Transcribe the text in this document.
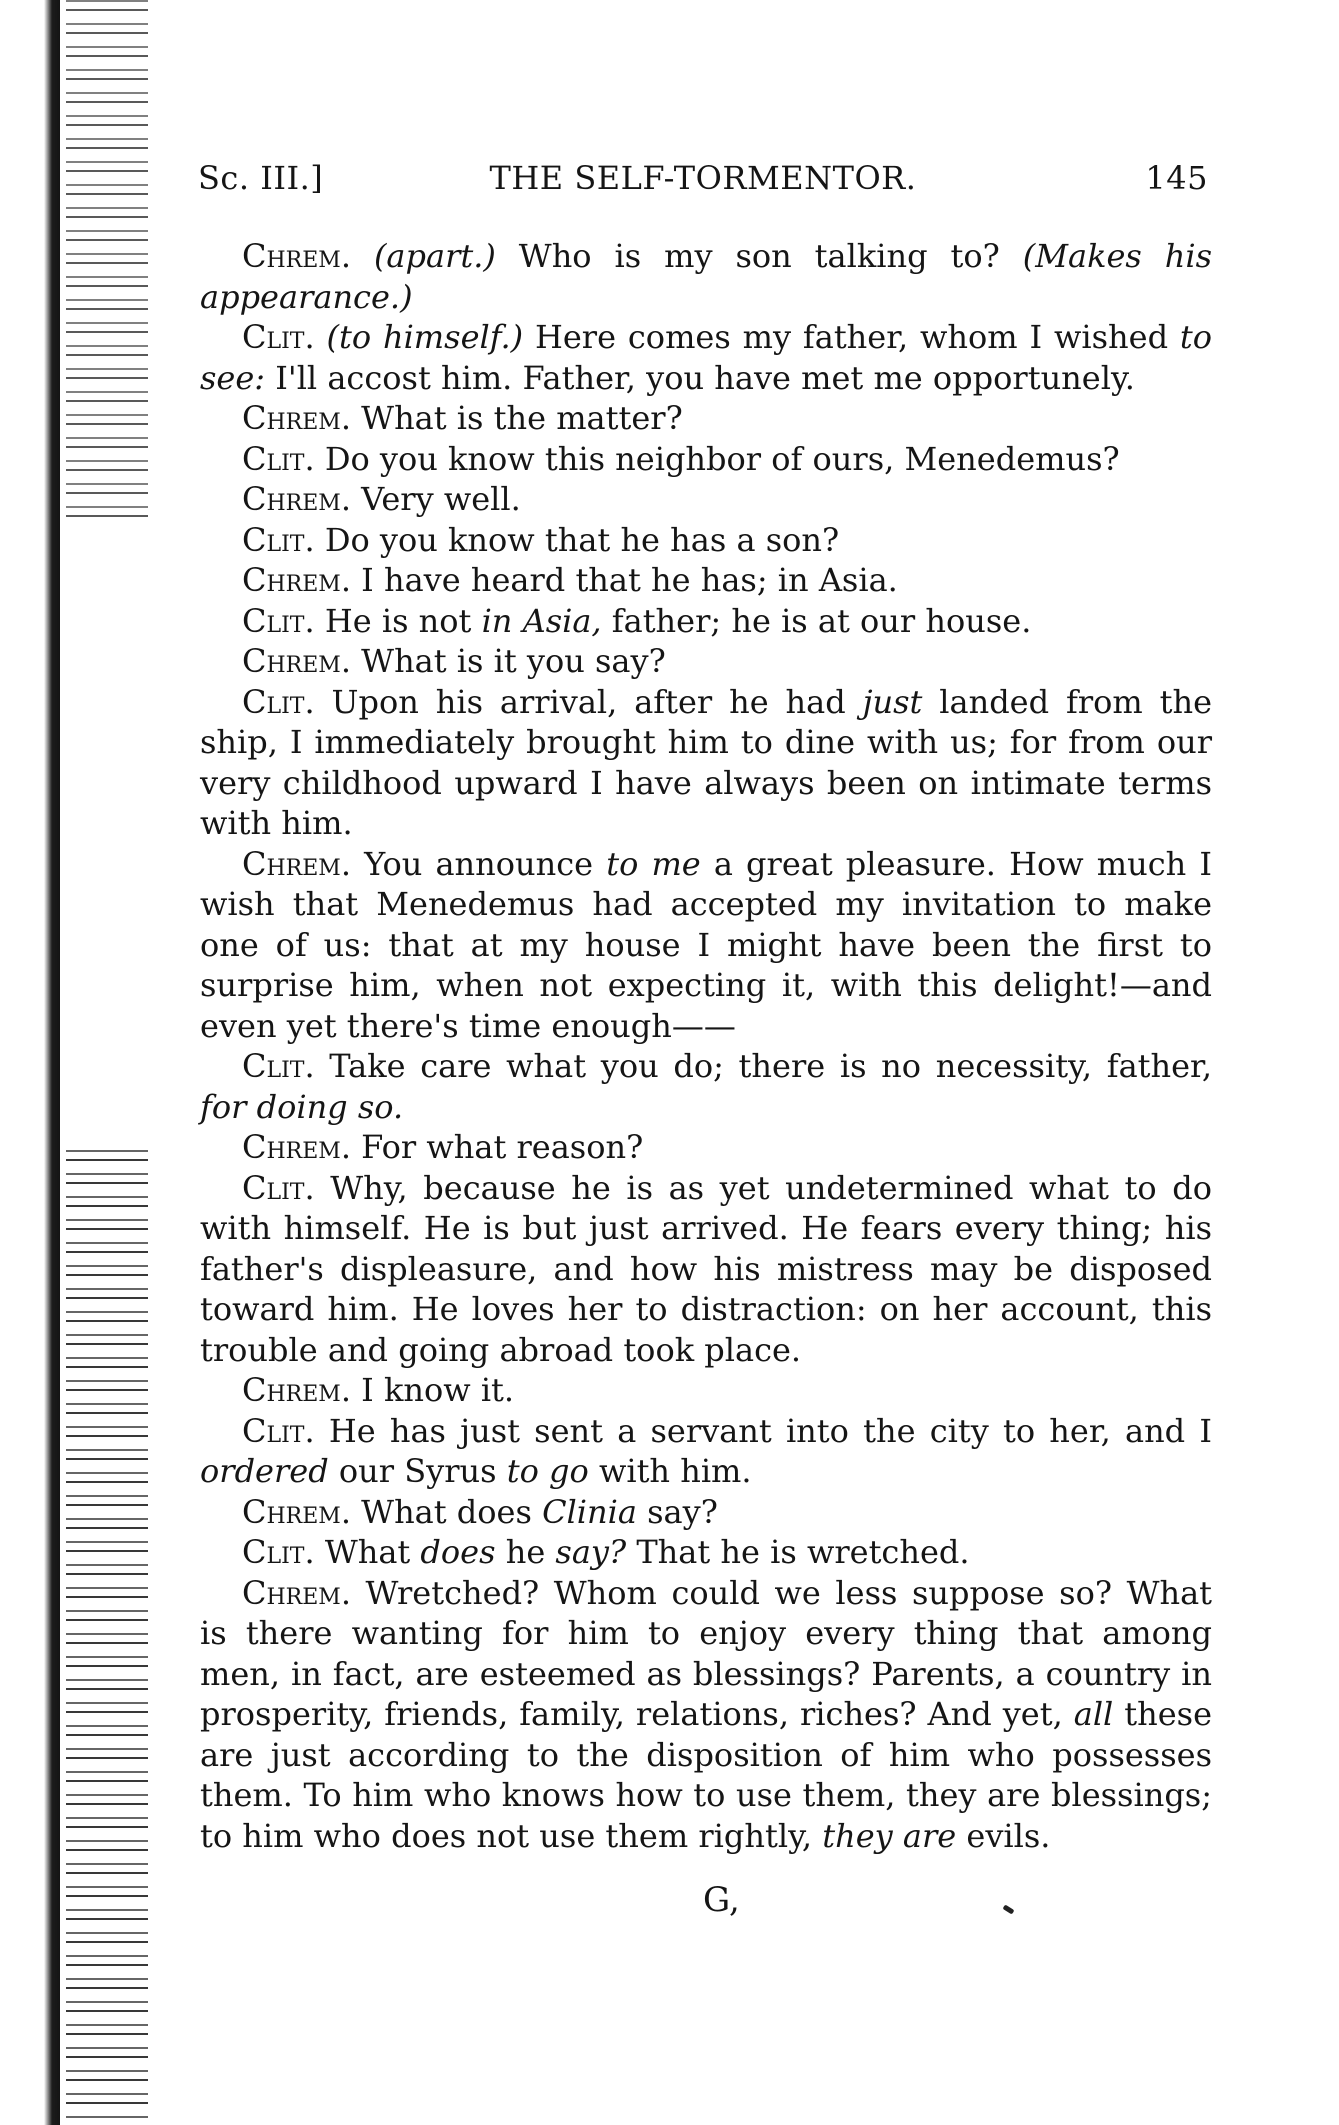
Sc. III.]	THE SELF-TORMENTOR.	145

Chrem. (apart.) Who is my son talking to? (Makes his appearance.)

Clit. (to himself.) Here comes my father, whom I wished to see: I'll accost him. Father, you have met me opportunely.

Chrem. What is the matter?

Clit. Do you know this neighbor of ours, Menedemus?

Chrem. Very well.

Clit. Do you know that he has a son?

Chrem. I have heard that he has; in Asia.

Clit. He is not in Asia, father; he is at our house.

Chrem. What is it you say?

Clit. Upon his arrival, after he had just landed from the ship, I immediately brought him to dine with us; for from our very childhood upward I have always been on intimate terms with him.

Chrem. You announce to me a great pleasure. How much I wish that Menedemus had accepted my invitation to make one of us: that at my house I might have been the first to surprise him, when not expecting it, with this delight!—and even yet there's time enough——

Clit. Take care what you do; there is no necessity, father, for doing so.

Chrem. For what reason?

Clit. Why, because he is as yet undetermined what to do with himself. He is but just arrived. He fears every thing; his father's displeasure, and how his mistress may be disposed toward him. He loves her to distraction: on her account, this trouble and going abroad took place.

Chrem. I know it.

Clit. He has just sent a servant into the city to her, and I ordered our Syrus to go with him.

Chrem. What does Clinia say?

Clit. What does he say? That he is wretched.

Chrem. Wretched? Whom could we less suppose so? What is there wanting for him to enjoy every thing that among men, in fact, are esteemed as blessings? Parents, a country in prosperity, friends, family, relations, riches? And yet, all these are just according to the disposition of him who possesses them. To him who knows how to use them, they are blessings; to him who does not use them rightly, they are evils.

G,
